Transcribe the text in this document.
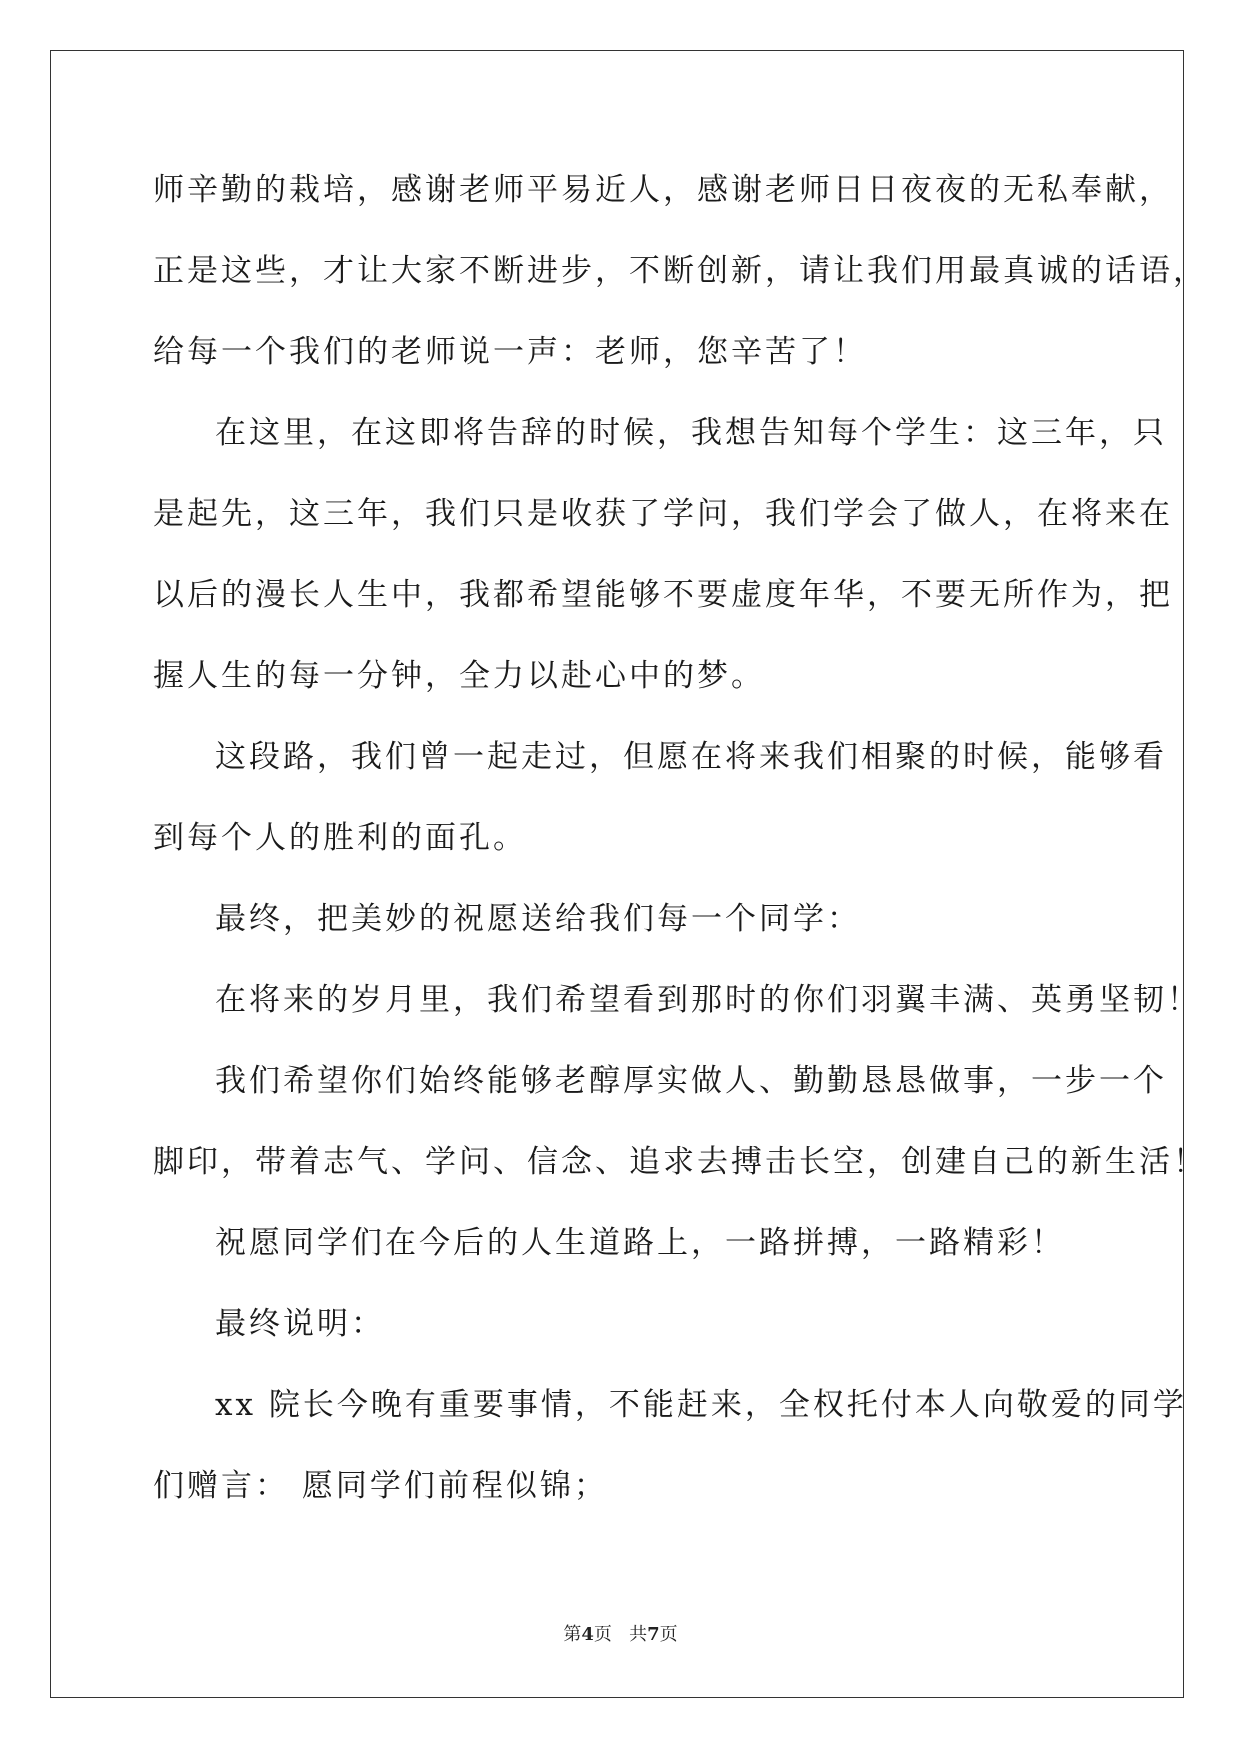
师辛勤的栽培，感谢老师平易近人，感谢老师日日夜夜的无私奉献，

正是这些，才让大家不断进步，不断创新，请让我们用最真诚的话语，

给每一个我们的老师说一声：老师，您辛苦了！

在这里，在这即将告辞的时候，我想告知每个学生：这三年，只

是起先，这三年，我们只是收获了学问，我们学会了做人，在将来在

以后的漫长人生中，我都希望能够不要虚度年华，不要无所作为，把

握人生的每一分钟，全力以赴心中的梦。

这段路，我们曾一起走过，但愿在将来我们相聚的时候，能够看

到每个人的胜利的面孔。

最终，把美妙的祝愿送给我们每一个同学：

在将来的岁月里，我们希望看到那时的你们羽翼丰满、英勇坚韧！

我们希望你们始终能够老醇厚实做人、勤勤恳恳做事，一步一个

脚印，带着志气、学问、信念、追求去搏击长空，创建自己的新生活！

祝愿同学们在今后的人生道路上，一路拼搏，一路精彩！

最终说明：

xx 院长今晚有重要事情，不能赶来，全权托付本人向敬爱的同学

们赠言： 愿同学们前程似锦；

第4页 共7页
